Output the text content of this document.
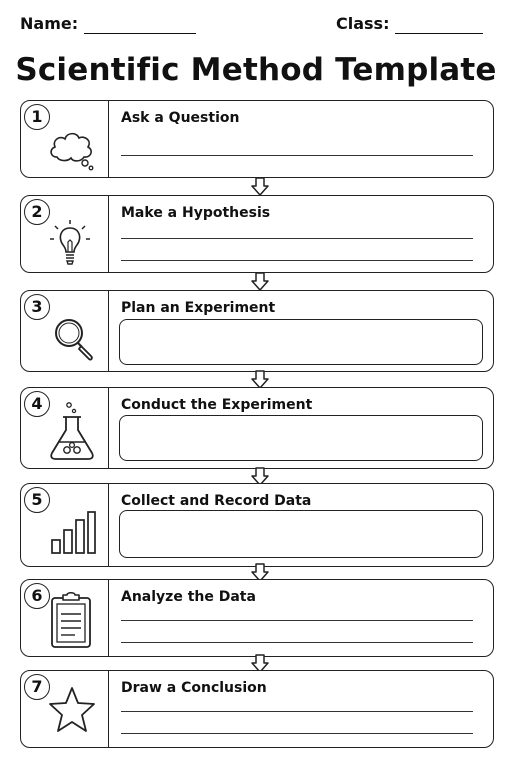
Name:	Class:
Scientific Method Template
1	Ask a Question
2	Make a Hypothesis
3	Plan an Experiment
4	Conduct the Experiment
5	Collect and Record Data
6	Analyze the Data
7	Draw a Conclusion
